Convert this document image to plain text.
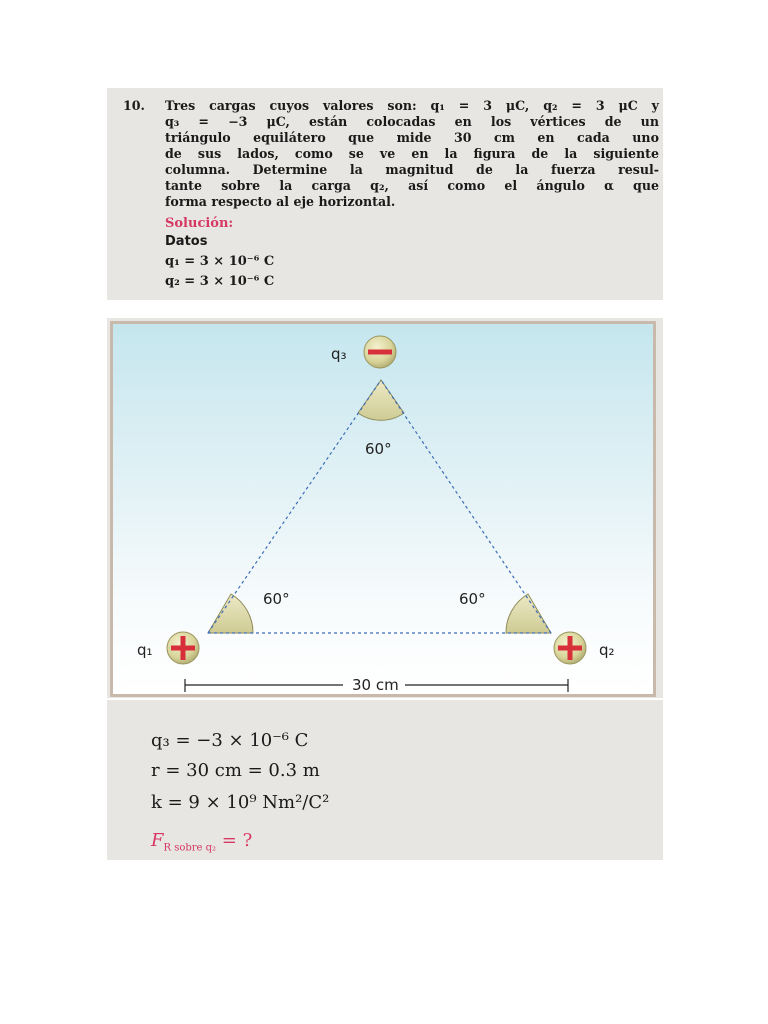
10. Tres cargas cuyos valores son: q₁ = 3 μC, q₂ = 3 μC y
q₃ = −3 μC, están colocadas en los vértices de un
triángulo equilátero que mide 30 cm en cada uno
de sus lados, como se ve en la figura de la siguiente
columna. Determine la magnitud de la fuerza resul-
tante sobre la carga q₂, así como el ángulo α que
forma respecto al eje horizontal.
Solución:
Datos
q₁ = 3 × 10⁻⁶ C
q₂ = 3 × 10⁻⁶ C
q₃
q₁	q₂
60°
60°	60°
30 cm
q₃ = −3 × 10⁻⁶ C
r = 30 cm = 0.3 m
k = 9 × 10⁹ Nm²/C²
$F_{R sobre q_2}$ = ?
